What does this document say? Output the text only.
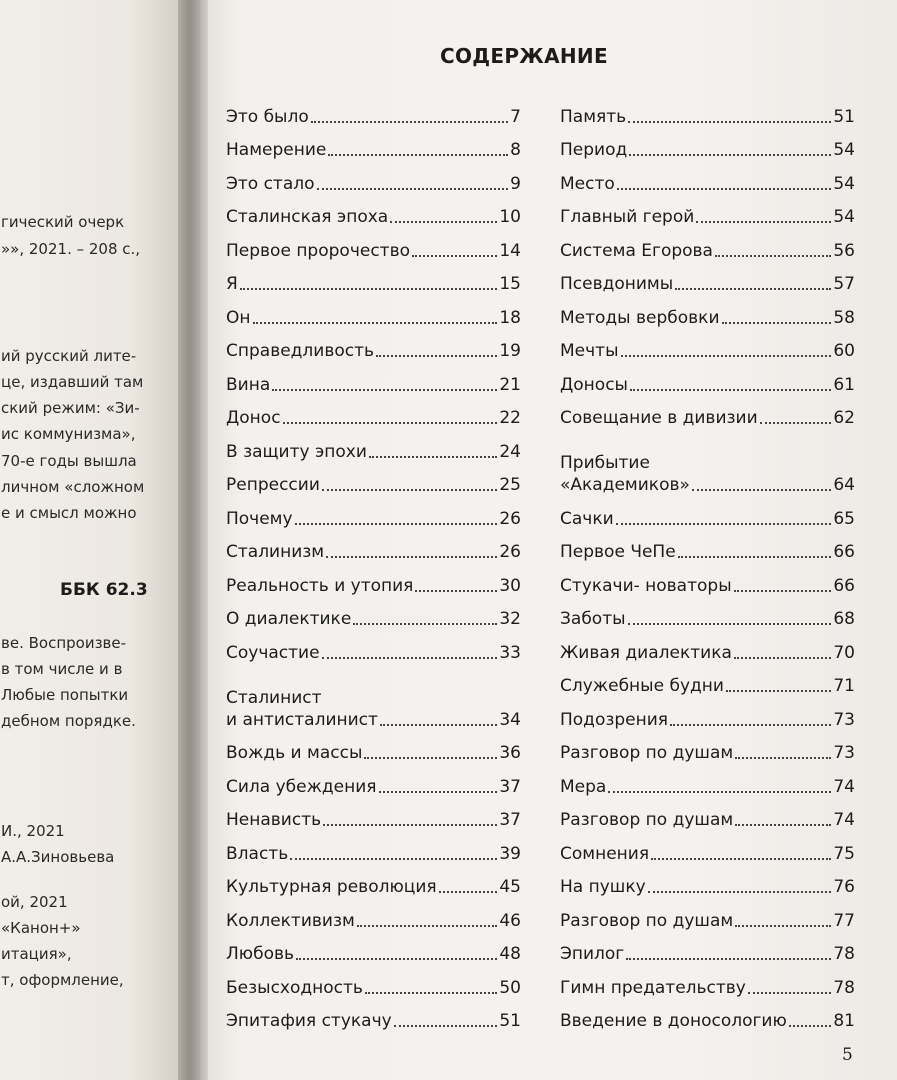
гический очерк
»», 2021. – 208 с.,
ий русский лите-
це, издавший там
ский режим: «Зи-
ис коммунизма»,
70-е годы вышла
личном «сложном
е и смысл можно
ББК 62.3
ве. Воспроизве-
в том числе и в
Любые попытки
дебном порядке.
И., 2021
А.А.Зиновьева
ой, 2021
«Канон+»
итация»,
т, оформление,
СОДЕРЖАНИЕ
Это было	7
Намерение	8
Это стало	9
Сталинская эпоха	10
Первое пророчество	14
Я	15
Он	18
Справедливость	19
Вина	21
Донос	22
В защиту эпохи	24
Репрессии	25
Почему	26
Сталинизм	26
Реальность и утопия	30
О диалектике	32
Соучастие	33
Сталинист
и антисталинист	34
Вождь и массы	36
Сила убеждения	37
Ненависть	37
Власть	39
Культурная революция	45
Коллективизм	46
Любовь	48
Безысходность	50
Эпитафия стукачу	51
Память	51
Период	54
Место	54
Главный герой	54
Система Егорова	56
Псевдонимы	57
Методы вербовки	58
Мечты	60
Доносы	61
Совещание в дивизии	62
Прибытие
«Академиков»	64
Сачки	65
Первое ЧеПе	66
Стукачи- новаторы	66
Заботы	68
Живая диалектика	70
Служебные будни	71
Подозрения	73
Разговор по душам	73
Мера	74
Разговор по душам	74
Сомнения	75
На пушку	76
Разговор по душам	77
Эпилог	78
Гимн предательству	78
Введение в доносологию	81
5
